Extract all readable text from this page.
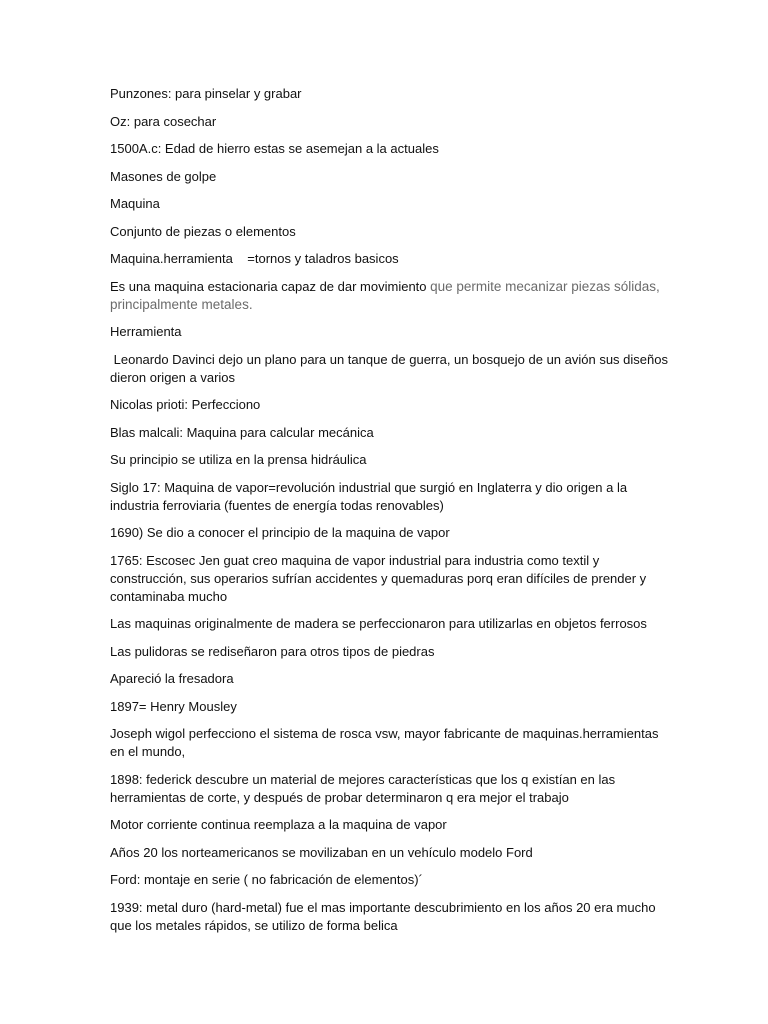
Punzones: para pinselar y grabar

Oz: para cosechar

1500A.c: Edad de hierro estas se asemejan a la actuales

Masones de golpe

Maquina

Conjunto de piezas o elementos

Maquina.herramienta    =tornos y taladros basicos

Es una maquina estacionaria capaz de dar movimiento que permite mecanizar piezas sólidas, principalmente metales.

Herramienta

Leonardo Davinci dejo un plano para un tanque de guerra, un bosquejo de un avión sus diseños dieron origen a varios

Nicolas prioti: Perfecciono

Blas malcali: Maquina para calcular mecánica

Su principio se utiliza en la prensa hidráulica

Siglo 17: Maquina de vapor=revolución industrial que surgió en Inglaterra y dio origen a la industria ferroviaria (fuentes de energía todas renovables)

1690) Se dio a conocer el principio de la maquina de vapor

1765: Escosec Jen guat creo maquina de vapor industrial para industria como textil y construcción, sus operarios sufrían accidentes y quemaduras porq eran difíciles de prender y contaminaba mucho

Las maquinas originalmente de madera se perfeccionaron para utilizarlas en objetos ferrosos

Las pulidoras se rediseñaron para otros tipos de piedras

Apareció la fresadora

1897= Henry Mousley

Joseph wigol perfecciono el sistema de rosca vsw, mayor fabricante de maquinas.herramientas en el mundo,

1898: federick descubre un material de mejores características que los q existían en las herramientas de corte, y después de probar determinaron q era mejor el trabajo

Motor corriente continua reemplaza a la maquina de vapor

Años 20 los norteamericanos se movilizaban en un vehículo modelo Ford

Ford: montaje en serie ( no fabricación de elementos)´

1939: metal duro (hard-metal) fue el mas importante descubrimiento en los años 20 era mucho que los metales rápidos, se utilizo de forma belica
